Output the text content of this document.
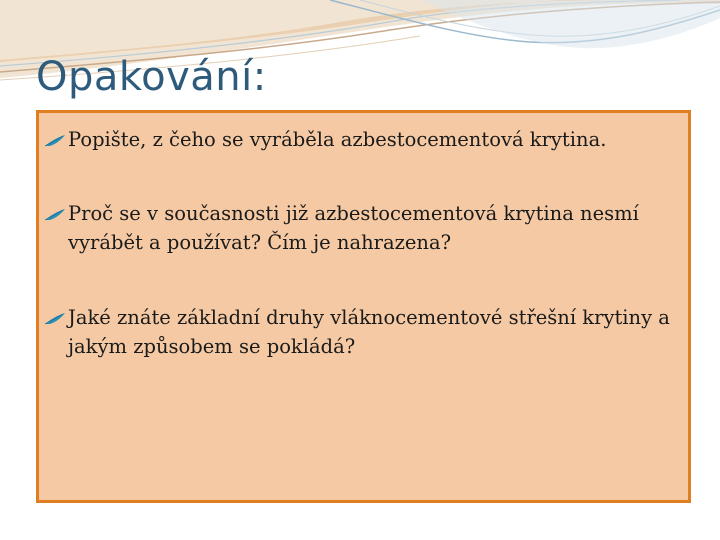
Opakování:
Popište, z čeho se vyráběla azbestocementová krytina.
Proč se v současnosti již azbestocementová krytina nesmí vyrábět a používat? Čím je nahrazena?
Jaké znáte základní druhy vláknocementové střešní krytiny a jakým způsobem se pokládá?
